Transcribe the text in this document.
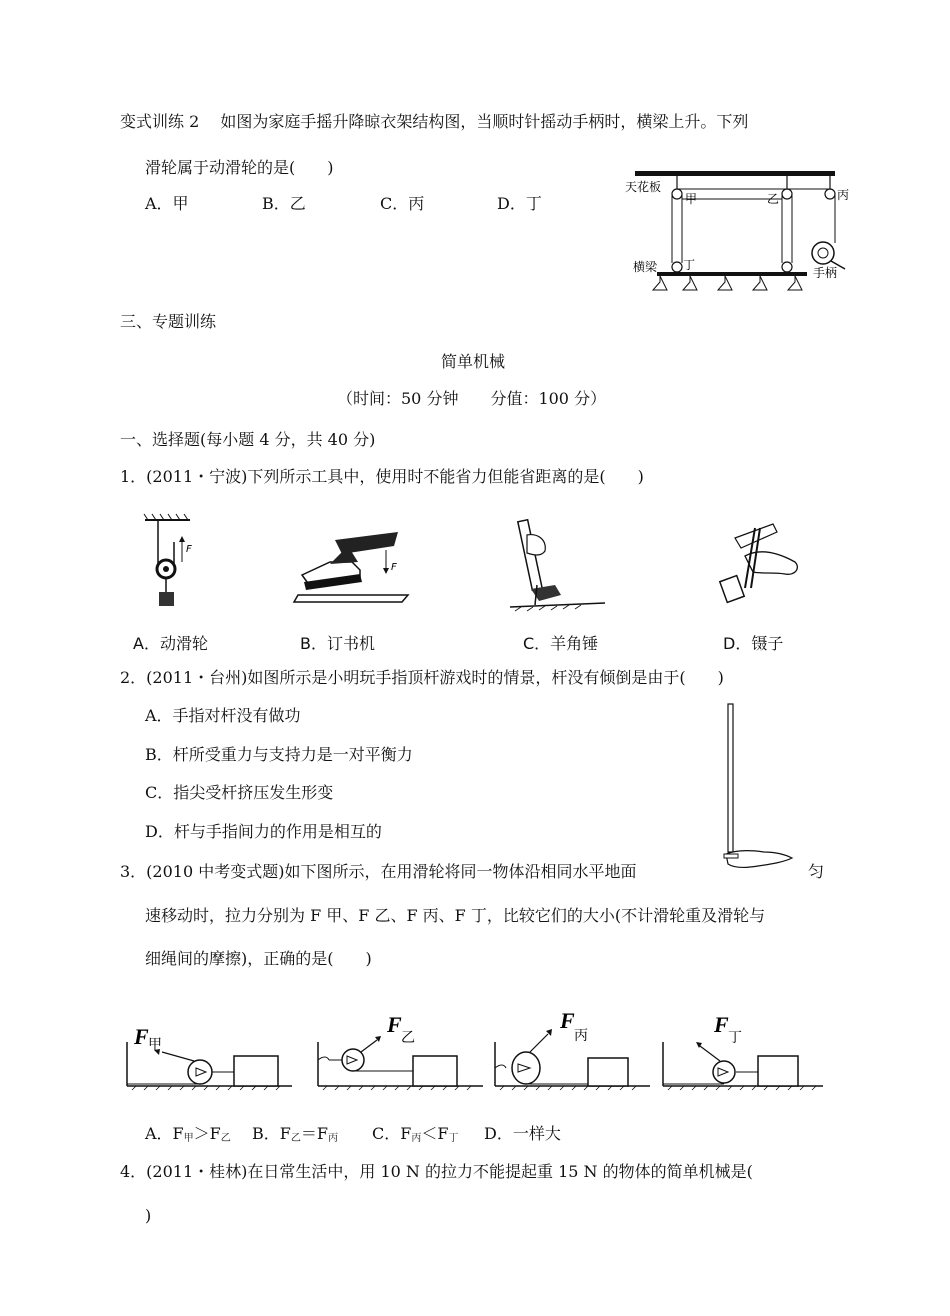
变式训练 2　 如图为家庭手摇升降晾衣架结构图，当顺时针摇动手柄时，横梁上升。下列
滑轮属于动滑轮的是(　　)
A．甲	B．乙	C．丙	D．丁
天花板
甲	乙	丙
横梁 丁
手柄
三、专题训练
简单机械
（时间：50 分钟　　分值：100 分）
一、选择题(每小题 4 分，共 40 分)
1．(2011・宁波)下列所示工具中，使用时不能省力但能省距离的是(　　)
F
F
A．动滑轮	B．订书机	C．羊角锤	D．镊子
2．(2011・台州)如图所示是小明玩手指顶杆游戏时的情景，杆没有倾倒是由于(　　)
A．手指对杆没有做功
B．杆所受重力与支持力是一对平衡力
C．指尖受杆挤压发生形变
D．杆与手指间力的作用是相互的
3．(2010 中考变式题)如下图所示，在用滑轮将同一物体沿相同水平地面	匀
速移动时，拉力分别为 F 甲、F 乙、F 丙、F 丁，比较它们的大小(不计滑轮重及滑轮与
细绳间的摩擦)，正确的是(　　)
F 甲
F
乙
F
丙	F
丁
A．$F_甲>F_乙$ B．$F_乙=F_丙$ C．$F_丙<F_丁$ D．一样大
4．(2011・桂林)在日常生活中，用 10 N 的拉力不能提起重 15 N 的物体的简单机械是(
)
